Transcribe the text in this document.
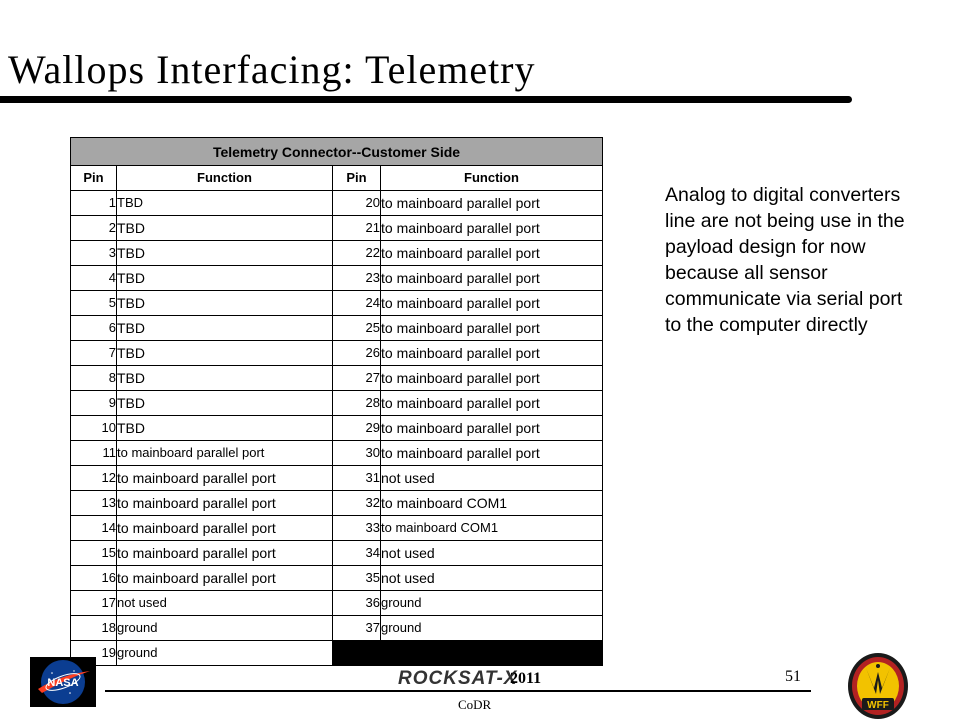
Wallops Interfacing: Telemetry
Telemetry Connector--Customer Side			
Pin	Function	Pin	Function
1	TBD	20	to mainboard parallel port
2	TBD	21	to mainboard parallel port
3	TBD	22	to mainboard parallel port
4	TBD	23	to mainboard parallel port
5	TBD	24	to mainboard parallel port
6	TBD	25	to mainboard parallel port
7	TBD	26	to mainboard parallel port
8	TBD	27	to mainboard parallel port
9	TBD	28	to mainboard parallel port
10	TBD	29	to mainboard parallel port
11	to mainboard parallel port	30	to mainboard parallel port
12	to mainboard parallel port	31	not used
13	to mainboard parallel port	32	to mainboard COM1
14	to mainboard parallel port	33	to mainboard COM1
15	to mainboard parallel port	34	not used
16	to mainboard parallel port	35	not used
17	not used	36	ground
18	ground	37	ground
19	ground		
Analog to digital converters line are not being use in the payload design for now because all sensor communicate via serial port to the computer directly
NASA
WFF
ROCKSAT-X
2011	51
CoDR
